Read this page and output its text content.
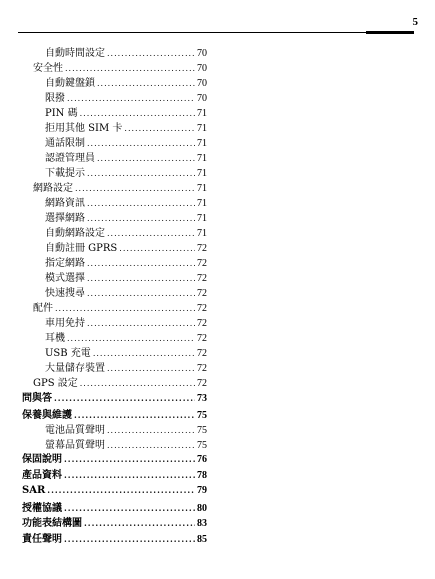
5
自動時間設定 .....	70
安全性 .....	70
自動鍵盤鎖 .....	70
限撥 .....	70
PIN 碼 .....	71
拒用其他 SIM 卡 .....	71
通話限制 .....	71
認證管理員 .....	71
下載提示 .....	71
網路設定 .....	71
網路資訊 .....	71
選擇網路 .....	71
自動網路設定 .....	71
自動註冊 GPRS .....	72
指定網路 .....	72
模式選擇 .....	72
快速搜尋 .....	72
配件 .....	72
車用免持 .....	72
耳機 .....	72
USB 充電 .....	72
大量儲存裝置 .....	72
GPS 設定 .....	72
問與答 .....	73
保養與維護 .....	75
電池品質聲明 .....	75
螢幕品質聲明 .....	75
保固說明 .....	76
產品資料 .....	78
SAR .....	79
授權協議 .....	80
功能表結構圖 .....	83
責任聲明 .....	85
